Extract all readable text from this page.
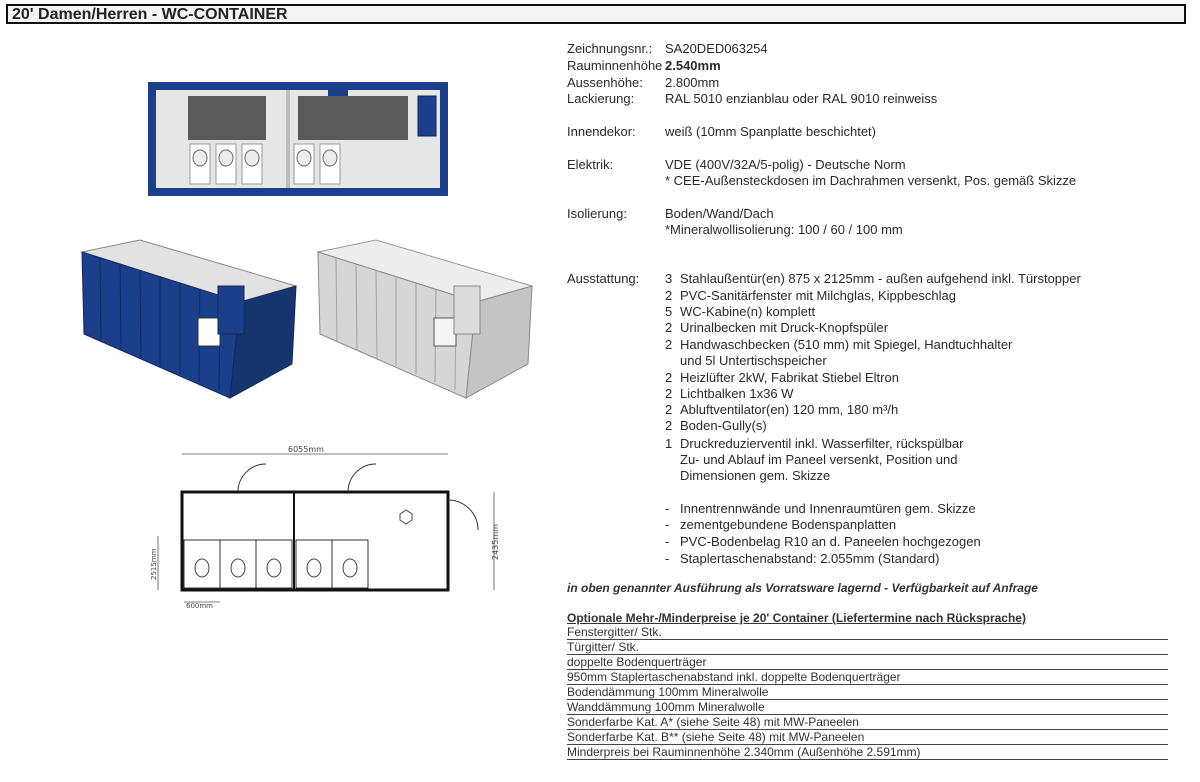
20' Damen/Herren - WC-CONTAINER
6055mm
2435mm
2515mm
600mm
Zeichnungsnr.: SA20DED063254
Rauminnenhöhe 2.540mm
Aussenhöhe: 2.800mm
Lackierung: RAL 5010 enzianblau oder RAL 9010 reinweiss
Innendekor: weiß (10mm Spanplatte beschichtet)
Elektrik:	VDE (400V/32A/5-polig) - Deutsche Norm
* CEE-Außensteckdosen im Dachrahmen versenkt, Pos. gemäß Skizze
Isolierung:	Boden/Wand/Dach
*Mineralwollisolierung: 100 / 60 / 100 mm
Ausstattung: 3 Stahlaußentür(en) 875 x 2125mm - außen aufgehend inkl. Türstopper
2 PVC-Sanitärfenster mit Milchglas, Kippbeschlag
5 WC-Kabine(n) komplett
2 Urinalbecken mit Druck-Knopfspüler
2 Handwaschbecken (510 mm) mit Spiegel, Handtuchhalter
und 5l Untertischspeicher
2 Heizlüfter 2kW, Fabrikat Stiebel Eltron
2 Lichtbalken 1x36 W
2 Abluftventilator(en) 120 mm, 180 m³/h
2 Boden-Gully(s)
1 Druckreduzierventil inkl. Wasserfilter, rückspülbar
Zu- und Ablauf im Paneel versenkt, Position und
Dimensionen gem. Skizze
- Innentrennwände und Innenraumtüren gem. Skizze
- zementgebundene Bodenspanplatten
- PVC-Bodenbelag R10 an d. Paneelen hochgezogen
- Staplertaschenabstand: 2.055mm (Standard)
in oben genannter Ausführung als Vorratsware lagernd - Verfügbarkeit auf Anfrage
Optionale Mehr-/Minderpreise je 20' Container (Liefertermine nach Rücksprache)
Fenstergitter/ Stk.
Türgitter/ Stk.
doppelte Bodenquerträger
950mm Staplertaschenabstand inkl. doppelte Bodenquerträger
Bodendämmung 100mm Mineralwolle
Wanddämmung 100mm Mineralwolle
Sonderfarbe Kat. A* (siehe Seite 48) mit MW-Paneelen
Sonderfarbe Kat. B** (siehe Seite 48) mit MW-Paneelen
Minderpreis bei Rauminnenhöhe 2.340mm (Außenhöhe 2.591mm)
